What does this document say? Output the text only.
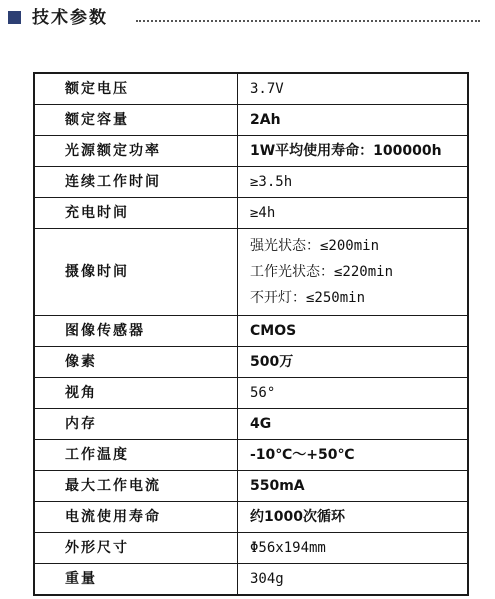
技术参数
额定电压	3.7V
额定容量	2Ah
光源额定功率	1W平均使用寿命：100000h
连续工作时间	≥3.5h
充电时间	≥4h
摄像时间	强光状态：≤200min
工作光状态：≤220min
不开灯：≤250min

图像传感器	CMOS
像素	500万
视角	56°
内存	4G
工作温度	-10℃～+50℃
最大工作电流	550mA
电流使用寿命	约1000次循环
外形尺寸	Φ56x194mm
重量	304g
